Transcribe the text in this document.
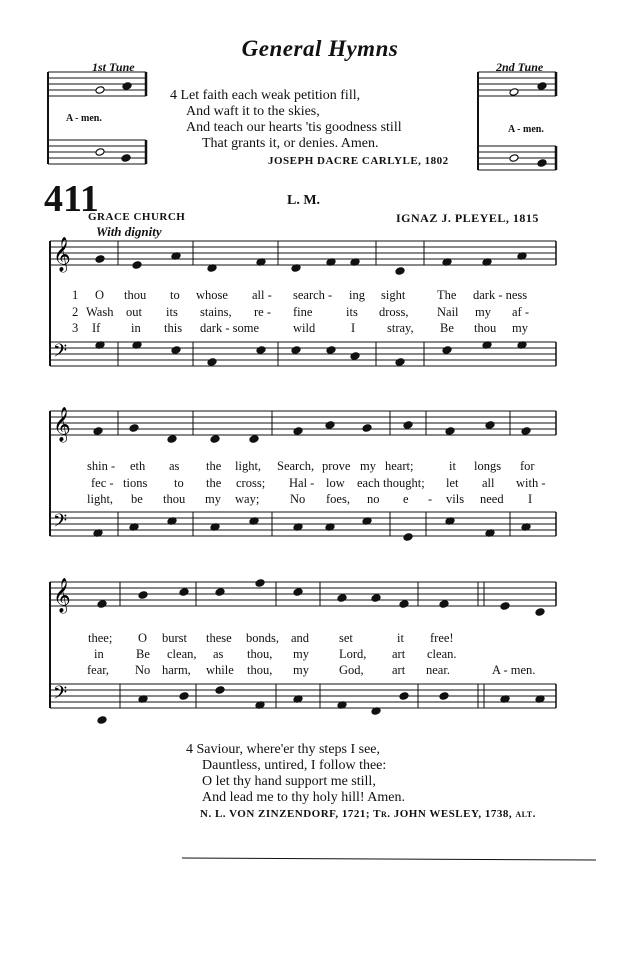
General Hymns
1st Tune	2nd Tune
A - men.
A - men.
4 Let faith each weak petition fill,
And waft it to the skies,
And teach our hearts 'tis goodness still
That grants it, or denies. Amen.
JOSEPH DACRE CARLYLE, 1802
411	L. M.
GRACE CHURCH	IGNAZ J. PLEYEL, 1815
With dignity
𝄞
𝄢
𝄞
𝄢
𝄞
𝄢
1
2
3
O thou to whose all - search - ing sight	The dark - ness
Wash out its stains, re - fine	its dross, Nail my af -
If in this dark - some	wild	I	stray, Be thou my
shin - eth as the light, Search, prove my heart;	it longs for
fec - tions to the cross; Hal - low each thought; let all with -
light, be thou my way; No foes, no e - vils need I
thee; O burst these bonds, and set	it free!
in	Be clean, as thou, my Lord, art clean.
fear, No harm, while thou, my God, art near.	A - men.
4 Saviour, where'er thy steps I see,
Dauntless, untired, I follow thee:
O let thy hand support me still,
And lead me to thy holy hill! Amen.
N. L. VON ZINZENDORF, 1721; Tr. JOHN WESLEY, 1738, alt.
